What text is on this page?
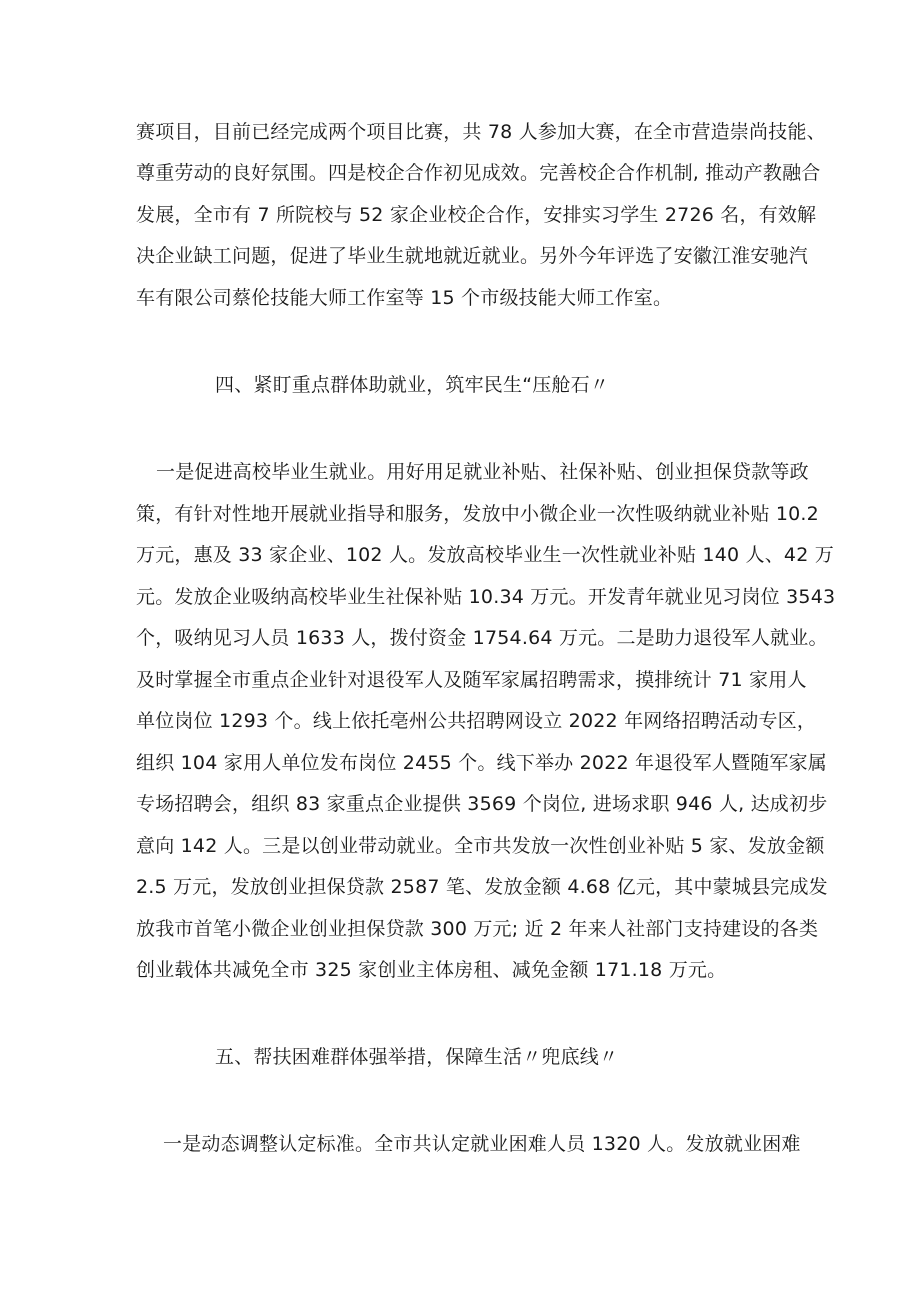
赛项目，目前已经完成两个项目比赛，共 78 人参加大赛，在全市营造崇尚技能、
尊重劳动的良好氛围。四是校企合作初见成效。完善校企合作机制, 推动产教融合
发展，全市有 7 所院校与 52 家企业校企合作，安排实习学生 2726 名，有效解
决企业缺工问题，促进了毕业生就地就近就业。另外今年评选了安徽江淮安驰汽
车有限公司蔡伦技能大师工作室等 15 个市级技能大师工作室。
四、紧盯重点群体助就业，筑牢民生“压舱石〃
一是促进高校毕业生就业。用好用足就业补贴、社保补贴、创业担保贷款等政
策，有针对性地开展就业指导和服务，发放中小微企业一次性吸纳就业补贴 10.2
万元，惠及 33 家企业、102 人。发放高校毕业生一次性就业补贴 140 人、42 万
元。发放企业吸纳高校毕业生社保补贴 10.34 万元。开发青年就业见习岗位 3543
个，吸纳见习人员 1633 人，拨付资金 1754.64 万元。二是助力退役军人就业。
及时掌握全市重点企业针对退役军人及随军家属招聘需求，摸排统计 71 家用人
单位岗位 1293 个。线上依托亳州公共招聘网设立 2022 年网络招聘活动专区，
组织 104 家用人单位发布岗位 2455 个。线下举办 2022 年退役军人暨随军家属
专场招聘会，组织 83 家重点企业提供 3569 个岗位, 进场求职 946 人, 达成初步
意向 142 人。三是以创业带动就业。全市共发放一次性创业补贴 5 家、发放金额
2.5 万元，发放创业担保贷款 2587 笔、发放金额 4.68 亿元，其中蒙城县完成发
放我市首笔小微企业创业担保贷款 300 万元; 近 2 年来人社部门支持建设的各类
创业载体共减免全市 325 家创业主体房租、减免金额 171.18 万元。
五、帮扶困难群体强举措，保障生活〃兜底线〃
一是动态调整认定标准。全市共认定就业困难人员 1320 人。发放就业困难
